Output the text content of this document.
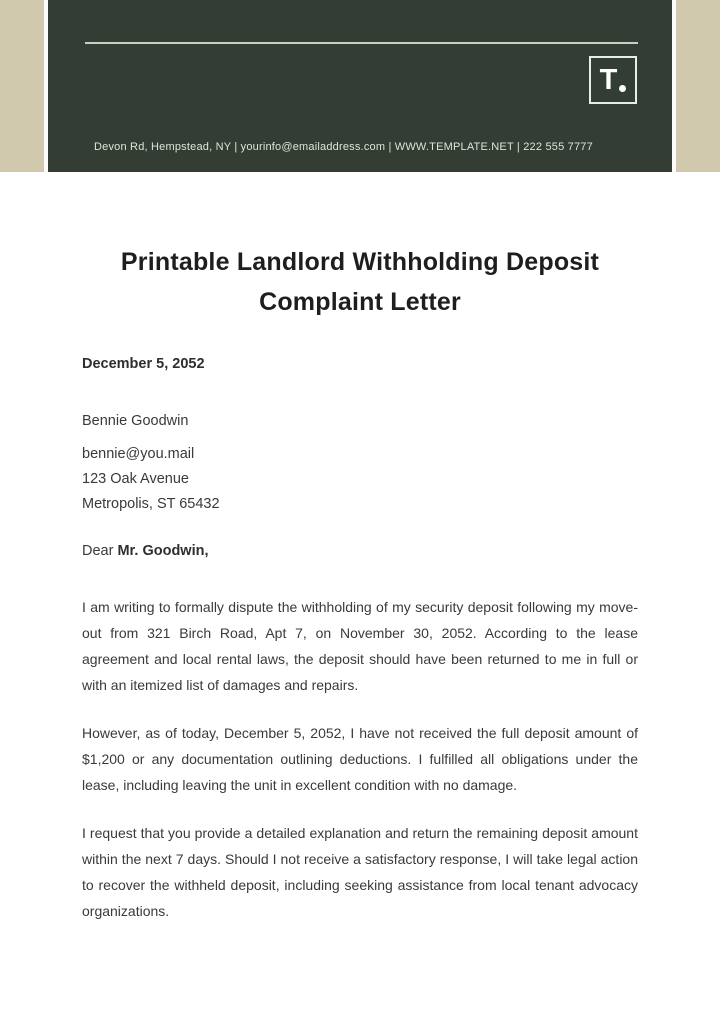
T
Devon Rd, Hempstead, NY | yourinfo@emailaddress.com | WWW.TEMPLATE.NET | 222 555 7777
Printable Landlord Withholding Deposit Complaint Letter
December 5, 2052
Bennie Goodwin
bennie@you.mail
123 Oak Avenue
Metropolis, ST 65432
Dear Mr. Goodwin,

I am writing to formally dispute the withholding of my security deposit following my move-out from 321 Birch Road, Apt 7, on November 30, 2052. According to the lease agreement and local rental laws, the deposit should have been returned to me in full or with an itemized list of damages and repairs.

However, as of today, December 5, 2052, I have not received the full deposit amount of $1,200 or any documentation outlining deductions. I fulfilled all obligations under the lease, including leaving the unit in excellent condition with no damage.

I request that you provide a detailed explanation and return the remaining deposit amount within the next 7 days. Should I not receive a satisfactory response, I will take legal action to recover the withheld deposit, including seeking assistance from local tenant advocacy organizations.
